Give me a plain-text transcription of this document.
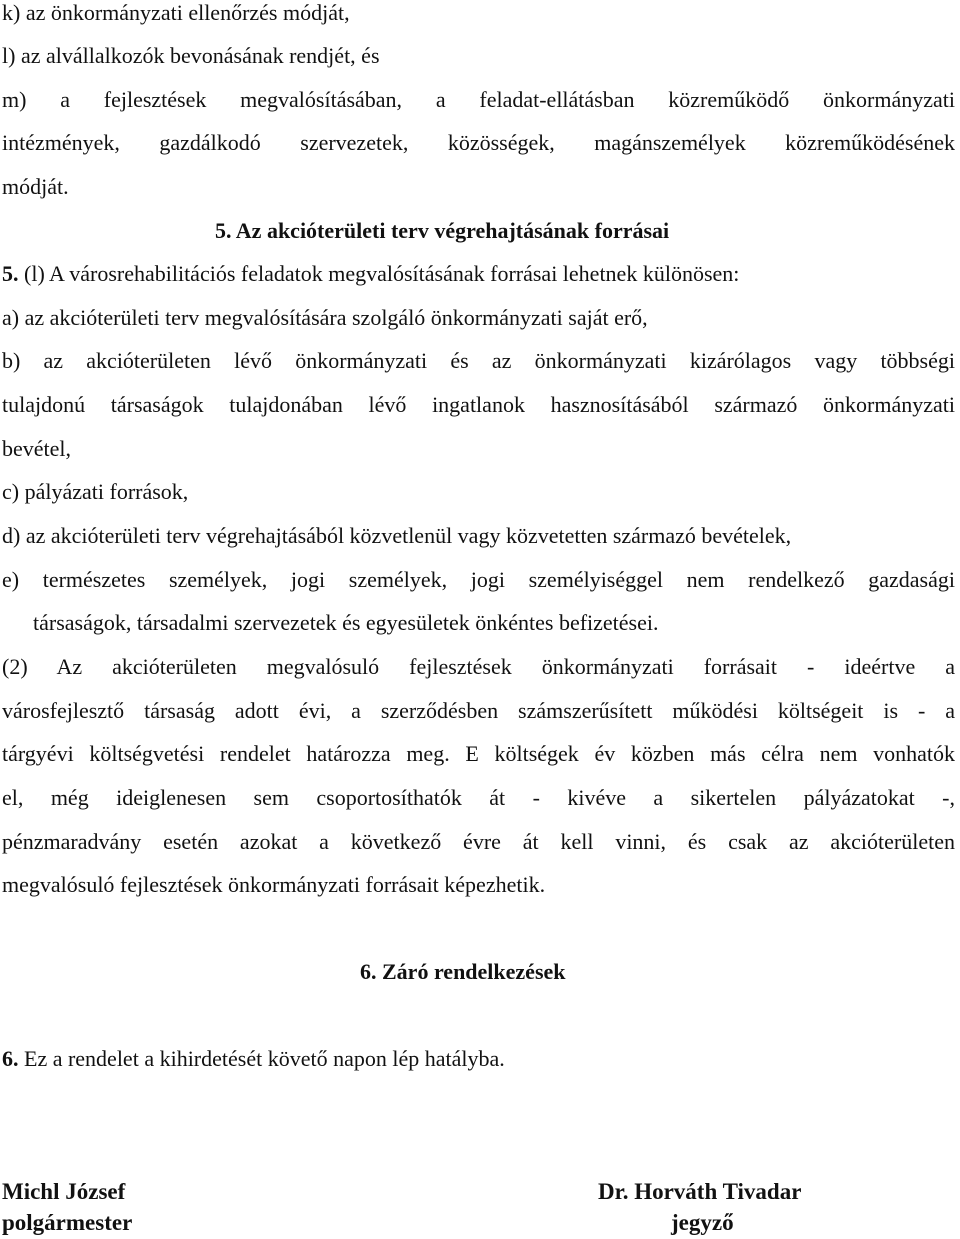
k) az önkormányzati ellenőrzés módját,
l) az alvállalkozók bevonásának rendjét, és
m) a fejlesztések megvalósításában, a feladat-ellátásban közreműködő önkormányzati
intézmények, gazdálkodó szervezetek, közösségek, magánszemélyek közreműködésének
módját.
5. Az akcióterületi terv végrehajtásának forrásai
5. (l) A városrehabilitációs feladatok megvalósításának forrásai lehetnek különösen:
a) az akcióterületi terv megvalósítására szolgáló önkormányzati saját erő,
b) az akcióterületen lévő önkormányzati és az önkormányzati kizárólagos vagy többségi
tulajdonú társaságok tulajdonában lévő ingatlanok hasznosításából származó önkormányzati
bevétel,
c) pályázati források,
d) az akcióterületi terv végrehajtásából közvetlenül vagy közvetetten származó bevételek,
e) természetes személyek, jogi személyek, jogi személyiséggel nem rendelkező gazdasági
társaságok, társadalmi szervezetek és egyesületek önkéntes befizetései.
(2) Az akcióterületen megvalósuló fejlesztések önkormányzati forrásait - ideértve a
városfejlesztő társaság adott évi, a szerződésben számszerűsített működési költségeit is - a
tárgyévi költségvetési rendelet határozza meg. E költségek év közben más célra nem vonhatók
el, még ideiglenesen sem csoportosíthatók át - kivéve a sikertelen pályázatokat -,
pénzmaradvány esetén azokat a következő évre át kell vinni, és csak az akcióterületen
megvalósuló fejlesztések önkormányzati forrásait képezhetik.
6. Záró rendelkezések
6. Ez a rendelet a kihirdetését követő napon lép hatályba.
Michl József
polgármester
Dr. Horváth Tivadar
jegyző
